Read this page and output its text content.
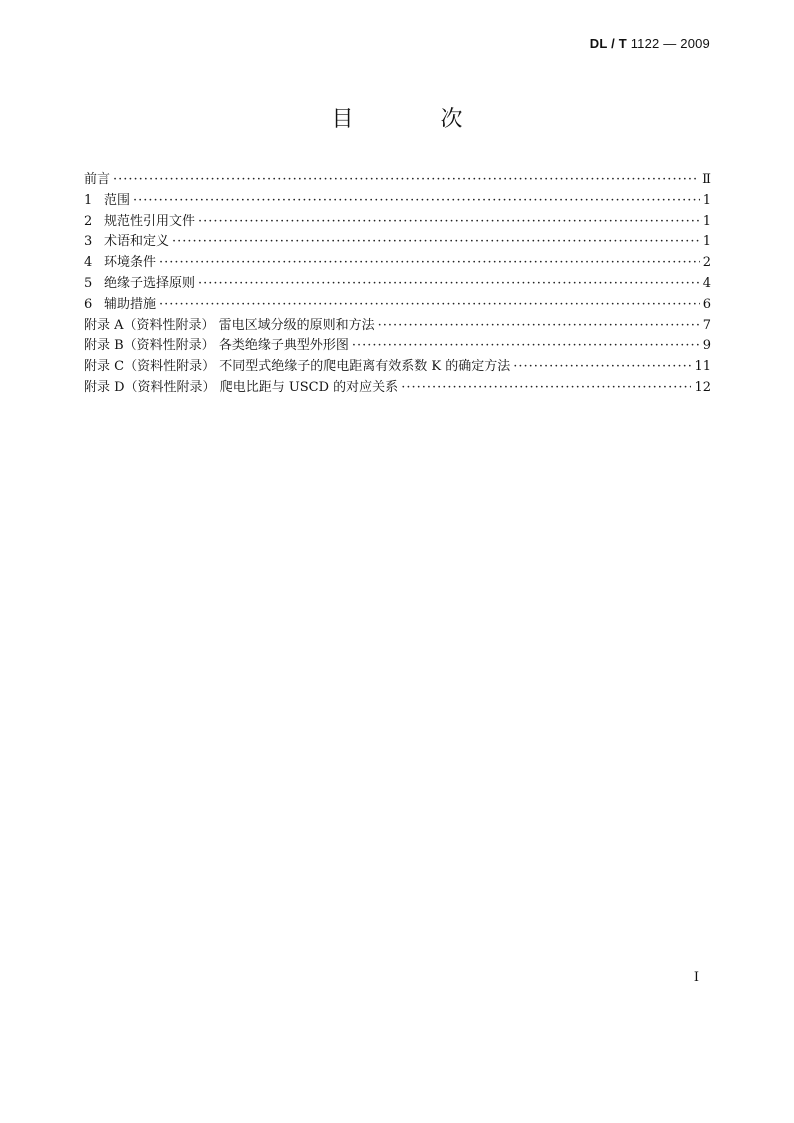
DL / T 1122 — 2009
目 次
前言 ·····	Ⅱ
1 范围 ·····	1
2 规范性引用文件 ·····	1
3 术语和定义 ·····	1
4 环境条件 ·····	2
5 绝缘子选择原则 ·····	4
6 辅助措施 ·····	6
附录 A（资料性附录） 雷电区域分级的原则和方法 ·····	7
附录 B（资料性附录） 各类绝缘子典型外形图 ·····	9
附录 C（资料性附录） 不同型式绝缘子的爬电距离有效系数 K 的确定方法 ·····	11
附录 D（资料性附录） 爬电比距与 USCD 的对应关系 ·····	12
I
